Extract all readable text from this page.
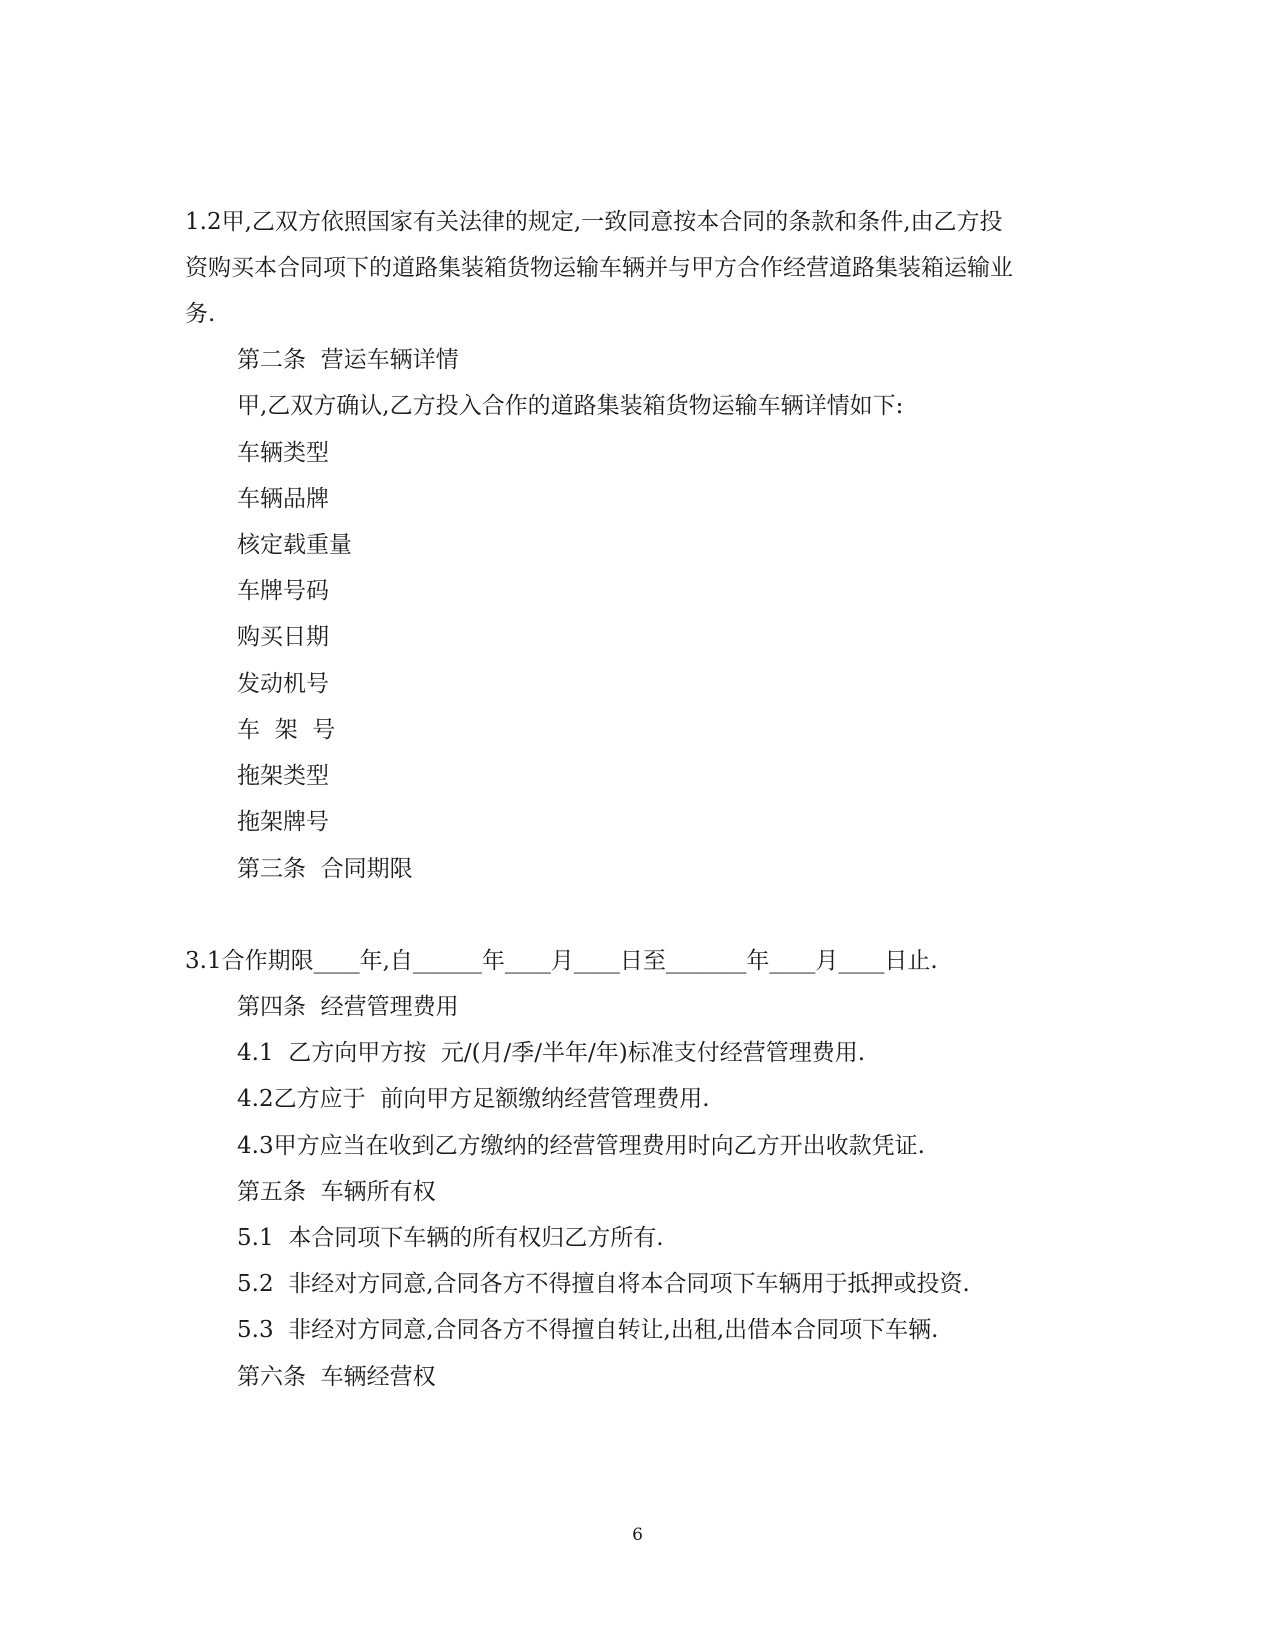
1.2甲,乙双方依照国家有关法律的规定,一致同意按本合同的条款和条件,由乙方投
资购买本合同项下的道路集装箱货物运输车辆并与甲方合作经营道路集装箱运输业
务.
第二条  营运车辆详情
甲,乙双方确认,乙方投入合作的道路集装箱货物运输车辆详情如下:
车辆类型
车辆品牌
核定载重量
车牌号码
购买日期
发动机号
车  架  号
拖架类型
拖架牌号
第三条  合同期限
3.1合作期限____年,自______年____月____日至_______年____月____日止.
第四条  经营管理费用
4.1  乙方向甲方按  元/(月/季/半年/年)标准支付经营管理费用.
4.2乙方应于  前向甲方足额缴纳经营管理费用.
4.3甲方应当在收到乙方缴纳的经营管理费用时向乙方开出收款凭证.
第五条  车辆所有权
5.1  本合同项下车辆的所有权归乙方所有.
5.2  非经对方同意,合同各方不得擅自将本合同项下车辆用于抵押或投资.
5.3  非经对方同意,合同各方不得擅自转让,出租,出借本合同项下车辆.
第六条  车辆经营权
6
